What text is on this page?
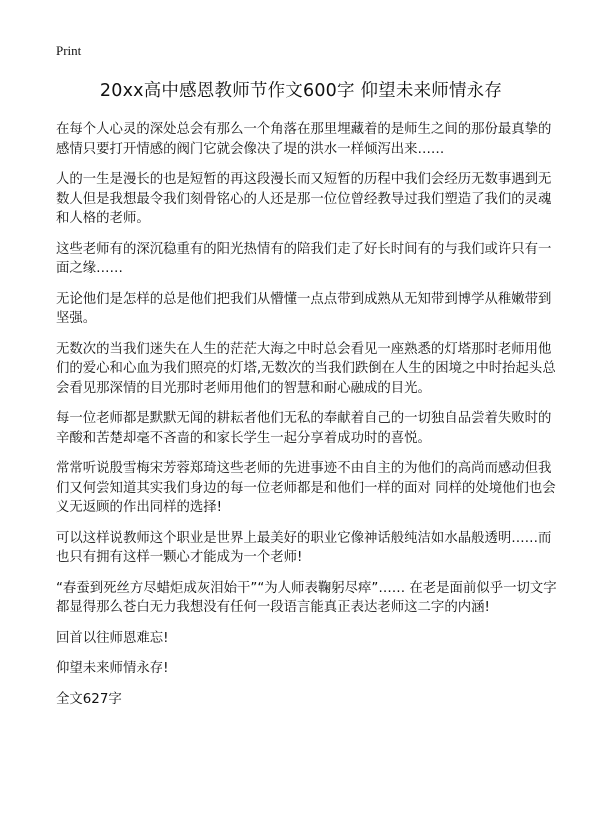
Print
20xx高中感恩教师节作文600字 仰望未来师情永存

在每个人心灵的深处总会有那么一个角落在那里埋藏着的是师生之间的那份最真挚的感情只要打开情感的阀门它就会像决了堤的洪水一样倾泻出来……

人的一生是漫长的也是短暂的再这段漫长而又短暂的历程中我们会经历无数事遇到无数人但是我想最令我们刻骨铭心的人还是那一位位曾经教导过我们塑造了我们的灵魂和人格的老师。

这些老师有的深沉稳重有的阳光热情有的陪我们走了好长时间有的与我们或许只有一面之缘……

无论他们是怎样的总是他们把我们从懵懂一点点带到成熟从无知带到博学从稚嫩带到坚强。

无数次的当我们迷失在人生的茫茫大海之中时总会看见一座熟悉的灯塔那时老师用他们的爱心和心血为我们照亮的灯塔,无数次的当我们跌倒在人生的困境之中时抬起头总会看见那深情的目光那时老师用他们的智慧和耐心融成的目光。

每一位老师都是默默无闻的耕耘者他们无私的奉献着自己的一切独自品尝着失败时的辛酸和苦楚却毫不吝啬的和家长学生一起分享着成功时的喜悦。

常常听说殷雪梅宋芳蓉郑琦这些老师的先进事迹不由自主的为他们的高尚而感动但我们又何尝知道其实我们身边的每一位老师都是和他们一样的面对 同样的处境他们也会义无返顾的作出同样的选择!

可以这样说教师这个职业是世界上最美好的职业它像神话般纯洁如水晶般透明……而也只有拥有这样一颗心才能成为一个老师!

“春蚕到死丝方尽蜡炬成灰泪始干”“为人师表鞠躬尽瘁”…… 在老是面前似乎一切文字都显得那么苍白无力我想没有任何一段语言能真正表达老师这二字的内涵!

回首以往师恩难忘!

仰望未来师情永存!

全文627字
